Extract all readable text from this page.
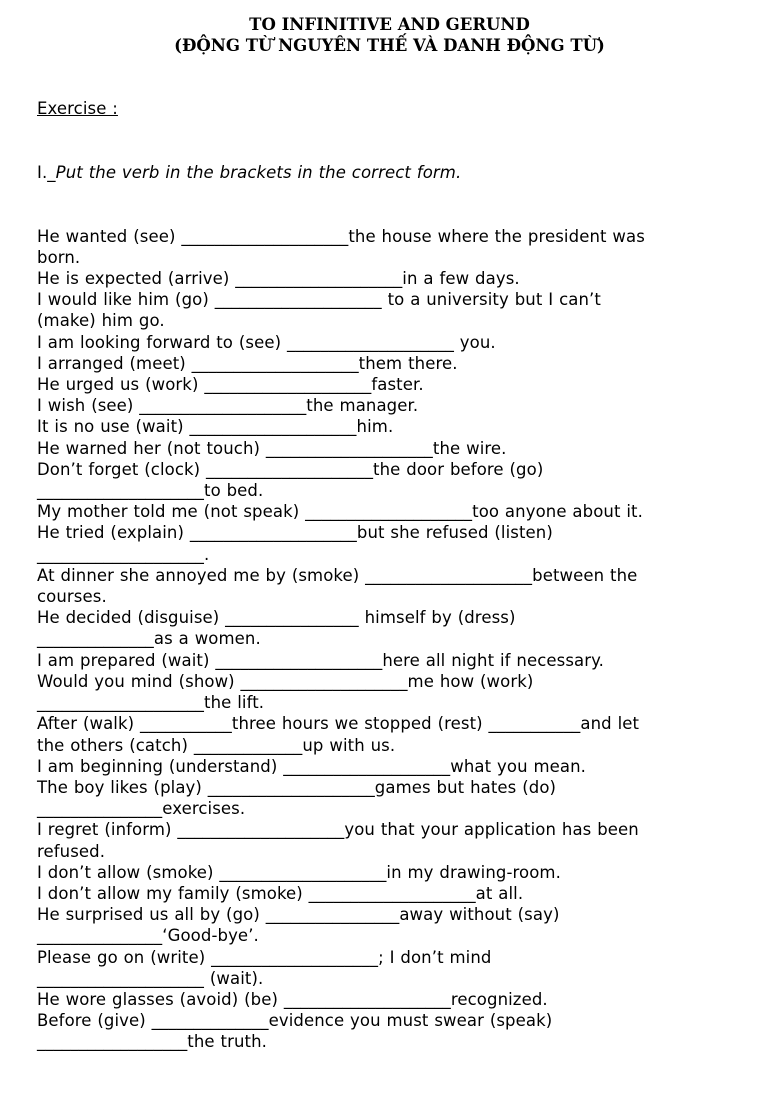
TO INFINITIVE AND GERUND
(ĐỘNG TỪ NGUYÊN THẾ VÀ DANH ĐỘNG TỪ)

Exercise :

I._Put the verb in the brackets in the correct form.

He wanted (see) ____________________the house where the president was
born.
He is expected (arrive) ____________________in a few days.
I would like him (go) ____________________ to a university but I can’t
(make) him go.
I am looking forward to (see) ____________________ you.
I arranged (meet) ____________________them there.
He urged us (work) ____________________faster.
I wish (see) ____________________the manager.
It is no use (wait) ____________________him.
He warned her (not touch) ____________________the wire.
Don’t forget (clock) ____________________the door before (go)
____________________to bed.
My mother told me (not speak) ____________________too anyone about it.
He tried (explain) ____________________but she refused (listen)
____________________.
At dinner she annoyed me by (smoke) ____________________between the
courses.
He decided (disguise) ________________ himself by (dress)
______________as a women.
I am prepared (wait) ____________________here all night if necessary.
Would you mind (show) ____________________me how (work)
____________________the lift.
After (walk) ___________three hours we stopped (rest) ___________and let
the others (catch) _____________up with us.
I am beginning (understand) ____________________what you mean.
The boy likes (play) ____________________games but hates (do)
_______________exercises.
I regret (inform) ____________________you that your application has been
refused.
I don’t allow (smoke) ____________________in my drawing-room.
I don’t allow my family (smoke) ____________________at all.
He surprised us all by (go) ________________away without (say)
_______________‘Good-bye’.
Please go on (write) ____________________; I don’t mind
____________________ (wait).
He wore glasses (avoid) (be) ____________________recognized.
Before (give) ______________evidence you must swear (speak)
__________________the truth.
